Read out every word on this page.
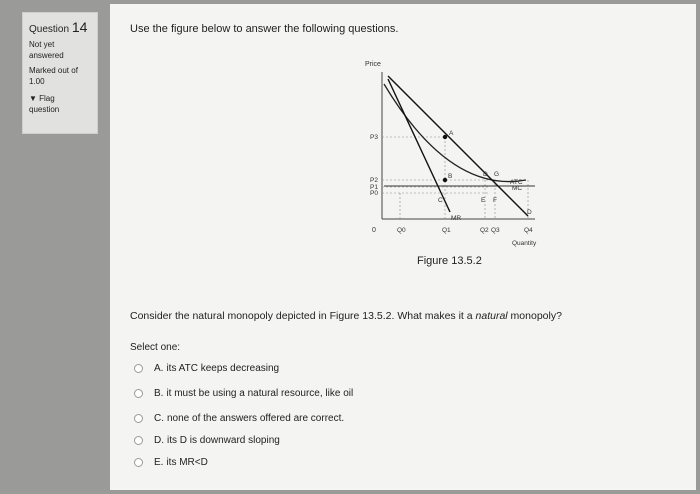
Question 14
Not yet
answered
Marked out of
1.00
▼ Flag
question
Use the figure below to answer the following questions.
Price
P3
P2
P1
P0
Q0	Q1	Q2 Q3	Q4
0
Quantity
A
B
C
D G
E F
ATC
MC
MR
D
Figure 13.5.2
Consider the natural monopoly depicted in Figure 13.5.2. What makes it a natural monopoly?
Select one:
A. its ATC keeps decreasing
B. it must be using a natural resource, like oil
C. none of the answers offered are correct.
D. its D is downward sloping
E. its MR<D
